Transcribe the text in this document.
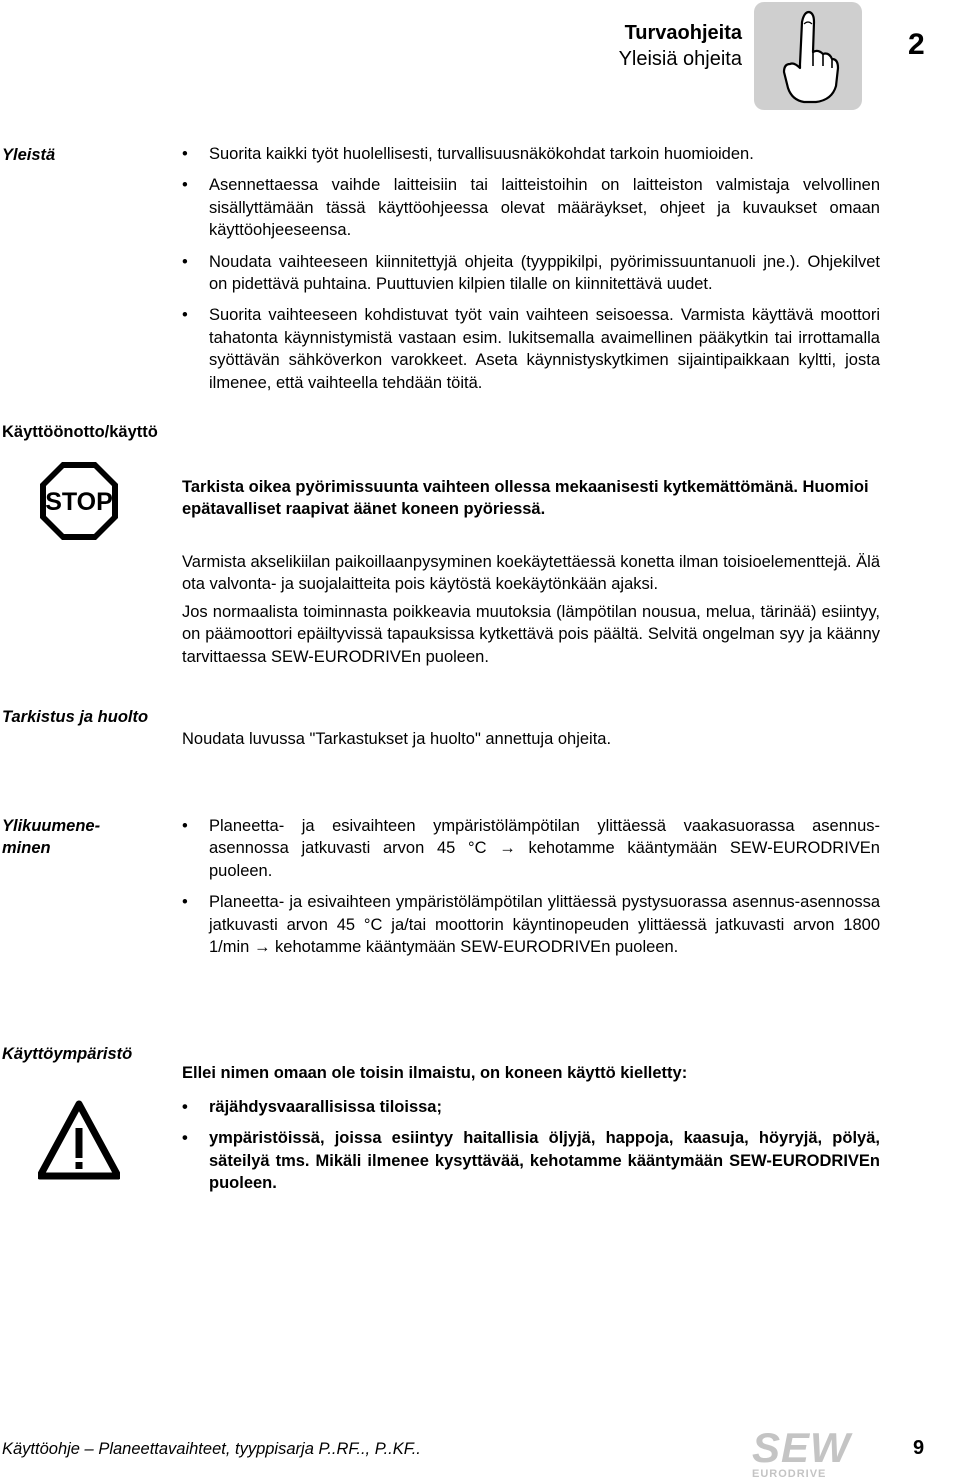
Turvaohjeita
Yleisiä ohjeita	2
Yleistä
•	Suorita kaikki työt huolellisesti, turvallisuusnäkökohdat tarkoin huomioiden.
• Asennettaessa vaihde laitteisiin tai laitteistoihin on laitteiston valmistaja velvollinen sisällyttämään tässä käyttöohjeessa olevat määräykset, ohjeet ja kuvaukset omaan käyttöohjeeseensa.
• Noudata vaihteeseen kiinnitettyjä ohjeita (tyyppikilpi, pyörimissuuntanuoli jne.). Ohjekilvet on pidettävä puhtaina. Puuttuvien kilpien tilalle on kiinnitettävä uudet.
• Suorita vaihteeseen kohdistuvat työt vain vaihteen seisoessa. Varmista käyttävä moottori tahatonta käynnistymistä vastaan esim. lukitsemalla avaimellinen pääkytkin tai irrottamalla syöttävän sähköverkon varokkeet. Aseta käynnistyskytkimen sijaintipaikkaan kyltti, josta ilmenee, että vaihteella tehdään töitä.
Käyttöönotto/käyttö
STOP
Tarkista oikea pyörimissuunta vaihteen ollessa mekaanisesti kytkemättömänä. Huomioi epätavalliset raapivat äänet koneen pyöriessä.
Varmista akselikiilan paikoillaanpysyminen koekäytettäessä konetta ilman toisioelementtejä. Älä ota valvonta- ja suojalaitteita pois käytöstä koekäytönkään ajaksi.
Jos normaalista toiminnasta poikkeavia muutoksia (lämpötilan nousua, melua, tärinää) esiintyy, on päämoottori epäiltyvissä tapauksissa kytkettävä pois päältä. Selvitä ongelman syy ja käänny tarvittaessa SEW-EURODRIVEn puoleen.
Tarkistus ja huolto
Noudata luvussa "Tarkastukset ja huolto" annettuja ohjeita.
Ylikuumene-
minen
• Planeetta- ja esivaihteen ympäristölämpötilan ylittäessä vaakasuorassa asennus-asennossa jatkuvasti arvon 45 °C → kehotamme kääntymään SEW-EURODRIVEn puoleen.
• Planeetta- ja esivaihteen ympäristölämpötilan ylittäessä pystysuorassa asennus-asennossa jatkuvasti arvon 45 °C ja/tai moottorin käyntinopeuden ylittäessä jatkuvasti arvon 1800 1/min → kehotamme kääntymään SEW-EURODRIVEn puoleen.
Käyttöympäristö
Ellei nimen omaan ole toisin ilmaistu, on koneen käyttö kielletty:
• räjähdysvaarallisissa tiloissa;
• ympäristöissä, joissa esiintyy haitallisia öljyjä, happoja, kaasuja, höyryjä, pölyä, säteilyä tms. Mikäli ilmenee kysyttävää, kehotamme kääntymään SEW-EURODRIVEn puoleen.
Käyttöohje – Planeettavaihteet, tyyppisarja P..RF.., P..KF..	SEW
EURODRIVE
9
